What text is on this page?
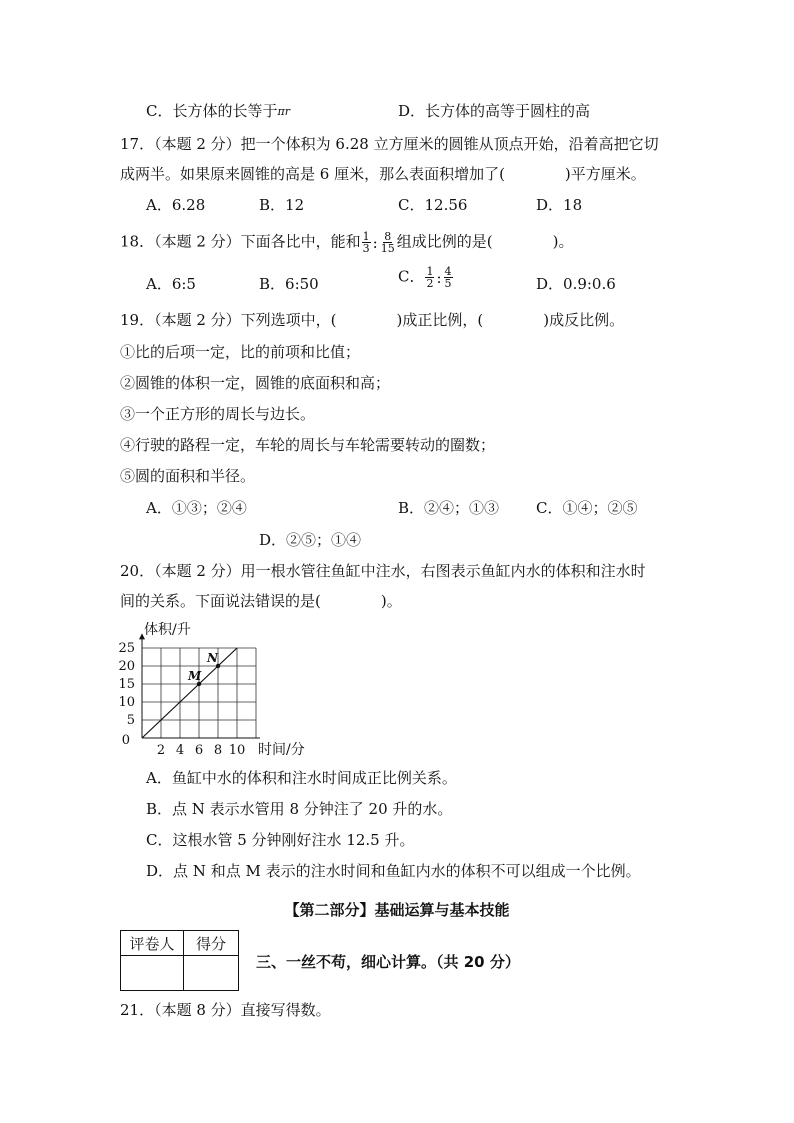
C．长方体的长等于πr	D．长方体的高等于圆柱的高
17．（本题 2 分）把一个体积为 6.28 立方厘米的圆锥从顶点开始，沿着高把它切
成两半。如果原来圆锥的高是 6 厘米，那么表面积增加了(　　　　)平方厘米。
A．6.28	B．12	C．12.56	D．18
18．（本题 2 分）下面各比中，能和 $\frac{1}{3}$ : $\frac{8}{15}$ 组成比例的是(　　　　)。
A．6:5	B．6:50	C． $\frac{1}{2}$ : $\frac{4}{5}$	D．0.9:0.6
19．（本题 2 分）下列选项中，(　　　　)成正比例，(　　　　)成反比例。
①比的后项一定，比的前项和比值；
②圆锥的体积一定，圆锥的底面积和高；
③一个正方形的周长与边长。
④行驶的路程一定，车轮的周长与车轮需要转动的圈数；
⑤圆的面积和半径。
A．①③；②④	B．②④；①③ C．①④；②⑤
D．②⑤；①④
20．（本题 2 分）用一根水管往鱼缸中注水，右图表示鱼缸内水的体积和注水时
间的关系。下面说法错误的是(　　　　)。
M
N
2 4 6 8 10
5
10
15
20
25
0
体积/升
时间/分
A．鱼缸中水的体积和注水时间成正比例关系。
B．点 N 表示水管用 8 分钟注了 20 升的水。
C．这根水管 5 分钟刚好注水 12.5 升。
D．点 N 和点 M 表示的注水时间和鱼缸内水的体积不可以组成一个比例。
【第二部分】基础运算与基本技能
评卷人	得分

三、一丝不苟，细心计算。（共 20 分）
21．（本题 8 分）直接写得数。
